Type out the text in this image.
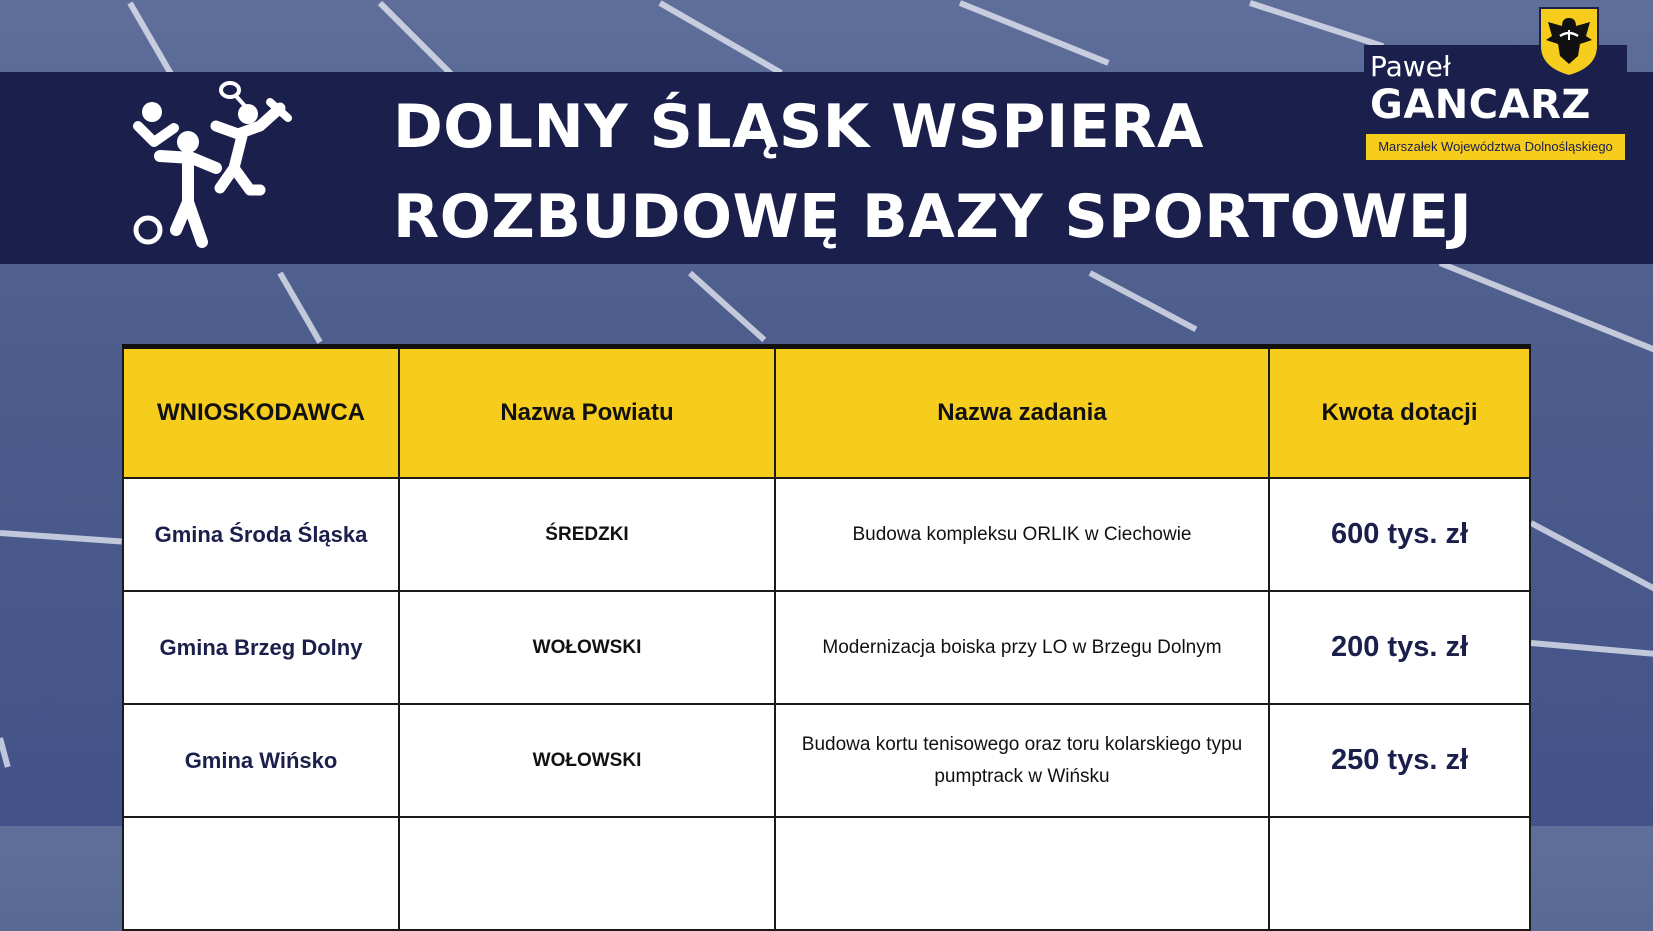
DOLNY ŚLĄSK WSPIERA
ROZBUDOWĘ BAZY SPORTOWEJ
Paweł
GANCARZ
Marszałek Województwa Dolnośląskiego
WNIOSKODAWCA	Nazwa Powiatu	Nazwa zadania	Kwota dotacji
Gmina Środa Śląska	ŚREDZKI	Budowa kompleksu ORLIK w Ciechowie	600 tys. zł
Gmina Brzeg Dolny	WOŁOWSKI	Modernizacja boiska przy LO w Brzegu Dolnym	200 tys. zł
Gmina Wińsko	WOŁOWSKI	Budowa kortu tenisowego oraz toru kolarskiego typu pumptrack w Wińsku	250 tys. zł
